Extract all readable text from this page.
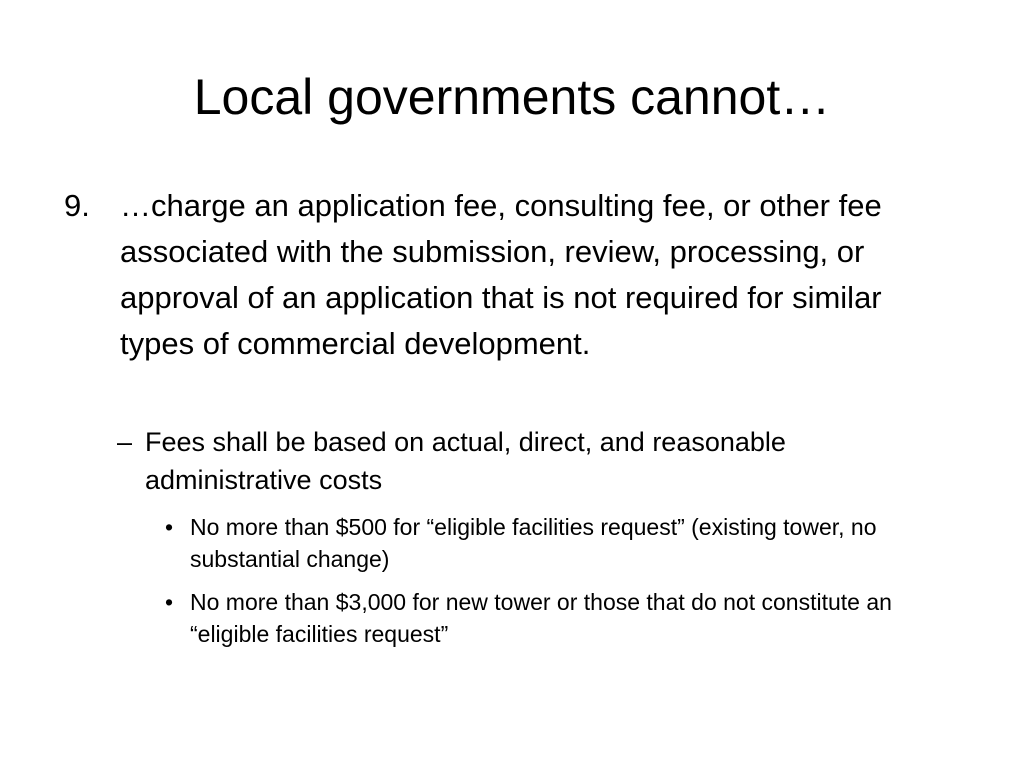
Local governments cannot…
9. …charge an application fee, consulting fee, or other fee associated with the submission, review, processing, or approval of an application that is not required for similar types of commercial development.
– Fees shall be based on actual, direct, and reasonable administrative costs
• No more than $500 for “eligible facilities request” (existing tower, no substantial change)
• No more than $3,000 for new tower or those that do not constitute an “eligible facilities request”
